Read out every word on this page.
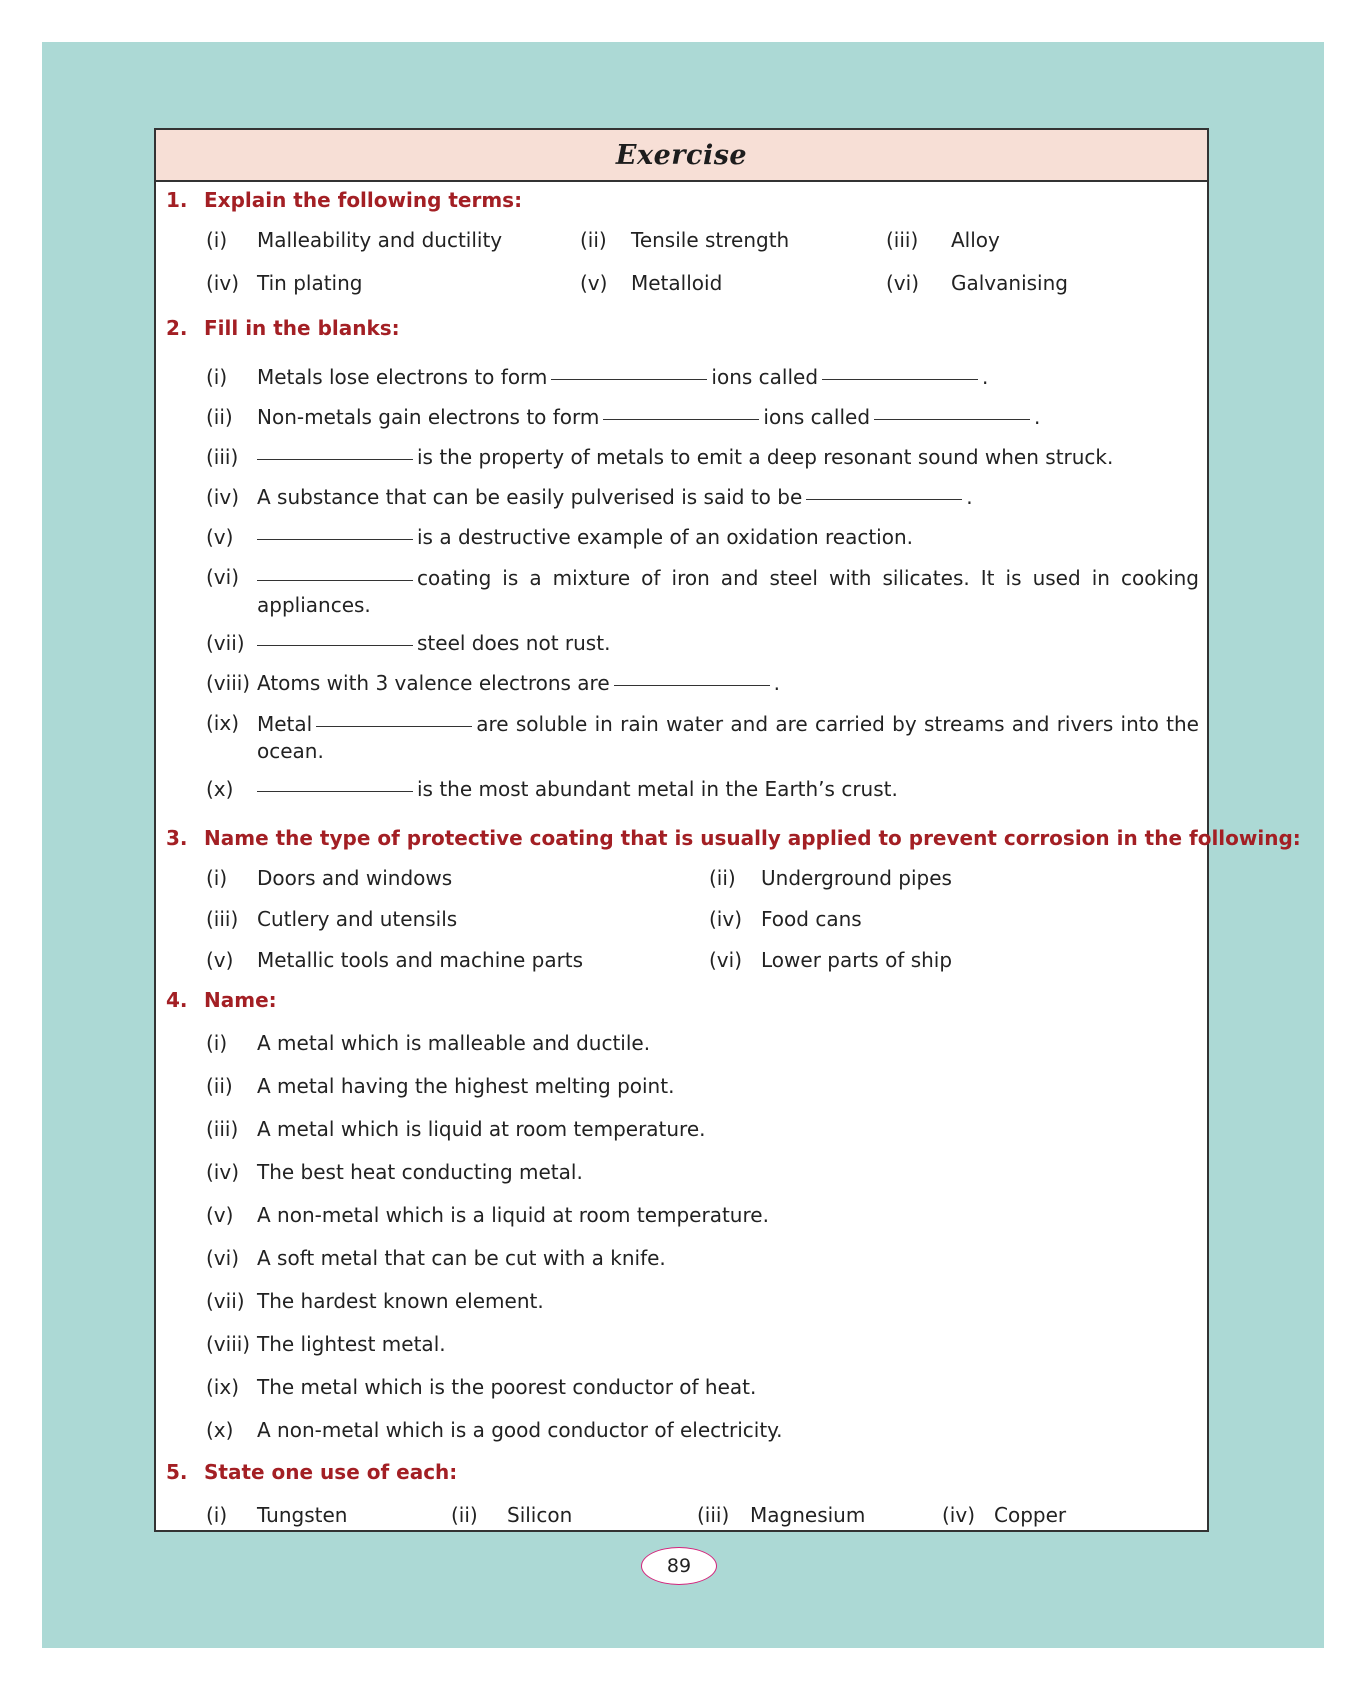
Exercise
1. Explain the following terms:
(i) Malleability and ductility	(ii) Tensile strength	(iii) Alloy
(iv) Tin plating	(v) Metalloid	(vi) Galvanising
2. Fill in the blanks:
(i) Metals lose electrons to form	ions called	.
(ii) Non-metals gain electrons to form	ions called	.
(iii)	is the property of metals to emit a deep resonant sound when struck.
(iv) A substance that can be easily pulverised is said to be	.
(v)	is a destructive example of an oxidation reaction.
(vi)	coating is a mixture of iron and steel with silicates. It is used in cooking appliances.
(vii)	steel does not rust.
(viii) Atoms with 3 valence electrons are	.
(ix) Metal	are soluble in rain water and are carried by streams and rivers into the ocean.
(x)	is the most abundant metal in the Earth’s crust.
3. Name the type of protective coating that is usually applied to prevent corrosion in the following:
(i) Doors and windows	(ii) Underground pipes
(iii) Cutlery and utensils	(iv) Food cans
(v) Metallic tools and machine parts	(vi) Lower parts of ship
4. Name:
(i) A metal which is malleable and ductile.
(ii) A metal having the highest melting point.
(iii) A metal which is liquid at room temperature.
(iv) The best heat conducting metal.
(v) A non-metal which is a liquid at room temperature.
(vi) A soft metal that can be cut with a knife.
(vii) The hardest known element.
(viii) The lightest metal.
(ix) The metal which is the poorest conductor of heat.
(x) A non-metal which is a good conductor of electricity.
5. State one use of each:
(i) Tungsten	(ii) Silicon	(iii) Magnesium	(iv) Copper
89
